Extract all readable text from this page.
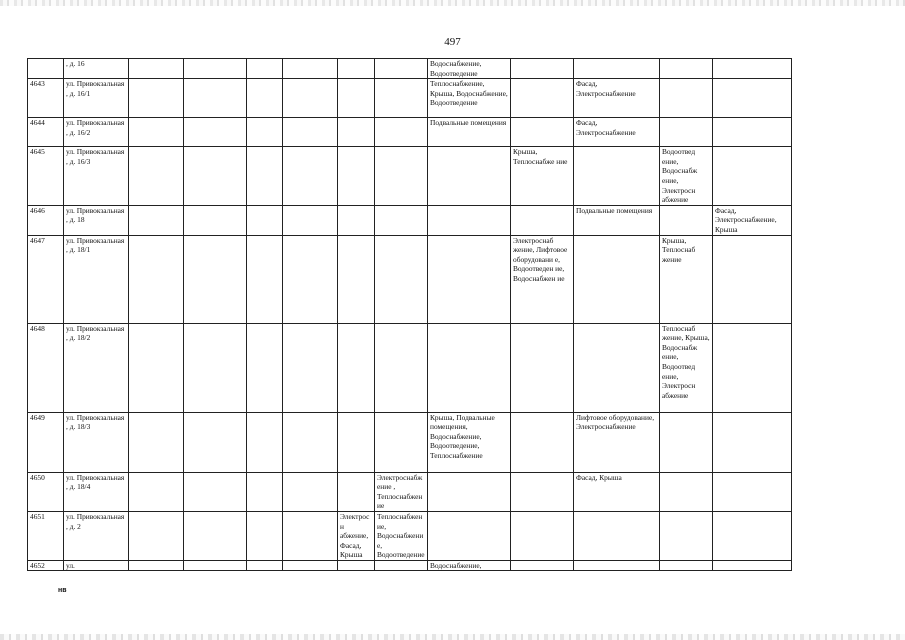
497
	, д. 16							Водоснабжение, Водоотведение				
4643	ул. Привокзальная , д. 16/1							Теплоснабжение, Крыша, Водоснабжение, Водоотведение		Фасад, Электроснабжение		
4644	ул. Привокзальная , д. 16/2							Подвальные помещения		Фасад, Электроснабжение		
4645	ул. Привокзальная , д. 16/3								Крыша, Теплоснабже ние		Водоотвед ение, Водоснабж ение, Электросн абжение	
4646	ул. Привокзальная , д. 18									Подвальные помещения		Фасад, Электроснабжение, Крыша
4647	ул. Привокзальная , д. 18/1								Электроснаб жение, Лифтовое оборудовани е, Водоотведен ие, Водоснабжен ие		Крыша, Теплоснаб жение	
4648	ул. Привокзальная , д. 18/2										Теплоснаб жение, Крыша, Водоснабж ение, Водоотвед ение, Электросн абжение	
4649	ул. Привокзальная , д. 18/3							Крыша, Подвальные помещения, Водоснабжение, Водоотведение, Теплоснабжение		Лифтовое оборудование, Электроснабжение		
4650	ул. Привокзальная , д. 18/4						Электроснабжение , Теплоснабжение			Фасад, Крыша		
4651	ул. Привокзальная , д. 2					Электросн абжение, Фасад, Крыша	Теплоснабжение, Водоснабжение, Водоотведение					
4652	ул.							Водоснабжение,				
нв
